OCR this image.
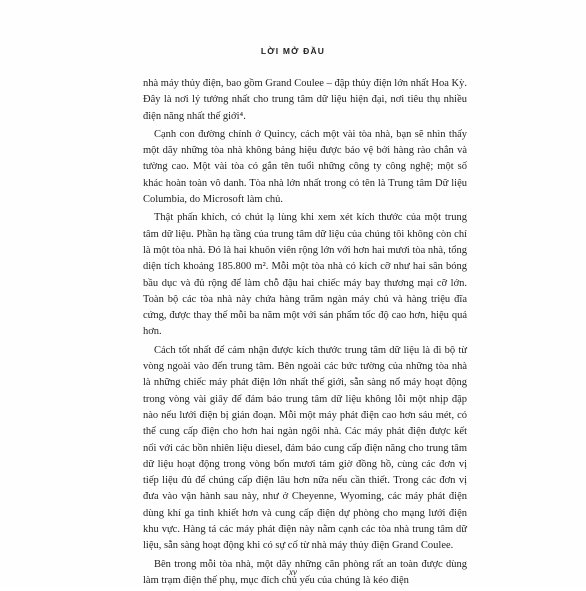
LỜI MỞ ĐẦU

nhà máy thủy điện, bao gồm Grand Coulee – đập thủy điện lớn nhất Hoa Kỳ. Đây là nơi lý tưởng nhất cho trung tâm dữ liệu hiện đại, nơi tiêu thụ nhiều điện năng nhất thế giới⁴.

Cạnh con đường chính ở Quincy, cách một vài tòa nhà, bạn sẽ nhìn thấy một dãy những tòa nhà không bảng hiệu được bảo vệ bởi hàng rào chắn và tường cao. Một vài tòa có gắn tên tuổi những công ty công nghệ; một số khác hoàn toàn vô danh. Tòa nhà lớn nhất trong có tên là Trung tâm Dữ liệu Columbia, do Microsoft làm chủ.

Thật phấn khích, có chút lạ lùng khi xem xét kích thước của một trung tâm dữ liệu. Phần hạ tầng của trung tâm dữ liệu của chúng tôi không còn chỉ là một tòa nhà. Đó là hai khuôn viên rộng lớn với hơn hai mươi tòa nhà, tổng diện tích khoảng 185.800 m². Mỗi một tòa nhà có kích cỡ như hai sân bóng bầu dục và đủ rộng để làm chỗ đậu hai chiếc máy bay thương mại cỡ lớn. Toàn bộ các tòa nhà này chứa hàng trăm ngàn máy chủ và hàng triệu đĩa cứng, được thay thế mỗi ba năm một với sản phẩm tốc độ cao hơn, hiệu quả hơn.

Cách tốt nhất để cảm nhận được kích thước trung tâm dữ liệu là đi bộ từ vòng ngoài vào đến trung tâm. Bên ngoài các bức tường của những tòa nhà là những chiếc máy phát điện lớn nhất thế giới, sẵn sàng nổ máy hoạt động trong vòng vài giây để đảm bảo trung tâm dữ liệu không lỗi một nhịp đập nào nếu lưới điện bị gián đoạn. Mỗi một máy phát điện cao hơn sáu mét, có thể cung cấp điện cho hơn hai ngàn ngôi nhà. Các máy phát điện được kết nối với các bồn nhiên liệu diesel, đảm bảo cung cấp điện năng cho trung tâm dữ liệu hoạt động trong vòng bốn mươi tám giờ đồng hồ, cùng các đơn vị tiếp liệu đủ để chúng cấp điện lâu hơn nữa nếu cần thiết. Trong các đơn vị đưa vào vận hành sau này, như ở Cheyenne, Wyoming, các máy phát điện dùng khí ga tinh khiết hơn và cung cấp điện dự phòng cho mạng lưới điện khu vực. Hàng tá các máy phát điện này nằm cạnh các tòa nhà trung tâm dữ liệu, sẵn sàng hoạt động khi có sự cố từ nhà máy thủy điện Grand Coulee.

Bên trong mỗi tòa nhà, một dãy những căn phòng rất an toàn được dùng làm trạm điện thế phụ, mục đích chủ yếu của chúng là kéo điện

xv
